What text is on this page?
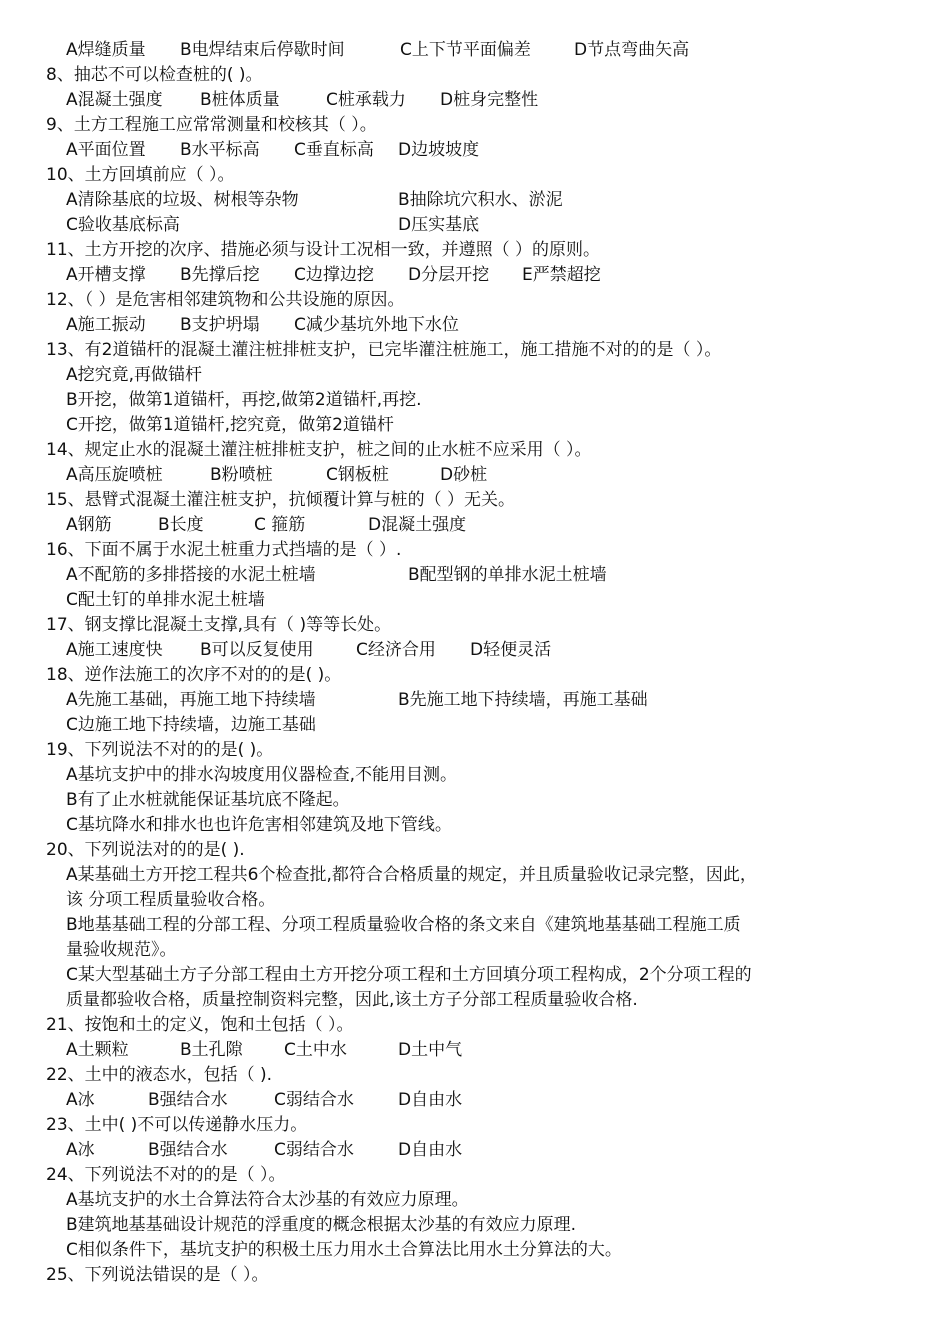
A焊缝质量 B电焊结束后停歇时间	C上下节平面偏差	D节点弯曲矢高
8、抽芯不可以检查桩的( )。
A混凝土强度 B桩体质量	C桩承载力 D桩身完整性
9、土方工程施工应常常测量和校核其（ ）。
A平面位置 B水平标高 C垂直标高 D边坡坡度
10、土方回填前应（ ）。
A清除基底的垃圾、树根等杂物	B抽除坑穴积水、淤泥
C验收基底标高	D压实基底
11、土方开挖的次序、措施必须与设计工况相一致，并遵照（ ）的原则。
A开槽支撑 B先撑后挖 C边撑边挖 D分层开挖 E严禁超挖
12、（ ）是危害相邻建筑物和公共设施的原因。
A施工振动 B支护坍塌 C减少基坑外地下水位
13、有2道锚杆的混凝土灌注桩排桩支护，已完毕灌注桩施工，施工措施不对的的是（ ）。
A挖究竟,再做锚杆
B开挖，做第1道锚杆，再挖,做第2道锚杆,再挖.
C开挖，做第1道锚杆,挖究竟，做第2道锚杆
14、规定止水的混凝土灌注桩排桩支护，桩之间的止水桩不应采用（ ）。
A高压旋喷桩	B粉喷桩	C钢板桩	D砂桩
15、悬臂式混凝土灌注桩支护，抗倾覆计算与桩的（ ）无关。
A钢筋	B长度	C 箍筋	D混凝土强度
16、下面不属于水泥土桩重力式挡墙的是（ ）.
A不配筋的多排搭接的水泥土桩墙	B配型钢的单排水泥土桩墙
C配土钉的单排水泥土桩墙
17、钢支撑比混凝土支撑,具有（ )等等长处。
A施工速度快 B可以反复使用 C经济合用 D轻便灵活
18、逆作法施工的次序不对的的是( )。
A先施工基础，再施工地下持续墙	B先施工地下持续墙，再施工基础
C边施工地下持续墙，边施工基础
19、下列说法不对的的是( )。
A基坑支护中的排水沟坡度用仪器检查,不能用目测。
B有了止水桩就能保证基坑底不隆起。
C基坑降水和排水也也许危害相邻建筑及地下管线。
20、下列说法对的的是( ).
A某基础土方开挖工程共6个检查批,都符合合格质量的规定，并且质量验收记录完整，因此，
该 分项工程质量验收合格。
B地基基础工程的分部工程、分项工程质量验收合格的条文来自《建筑地基基础工程施工质
量验收规范》。
C某大型基础土方子分部工程由土方开挖分项工程和土方回填分项工程构成，2个分项工程的
质量都验收合格，质量控制资料完整，因此,该土方子分部工程质量验收合格.
21、按饱和土的定义，饱和土包括（ ）。
A土颗粒	B土孔隙 C土中水	D土中气
22、土中的液态水，包括（ ).
A冰	B强结合水	C弱结合水	D自由水
23、土中( )不可以传递静水压力。
A冰	B强结合水	C弱结合水	D自由水
24、下列说法不对的的是（ ）。
A基坑支护的水土合算法符合太沙基的有效应力原理。
B建筑地基基础设计规范的浮重度的概念根据太沙基的有效应力原理.
C相似条件下，基坑支护的积极土压力用水土合算法比用水土分算法的大。
25、下列说法错误的是（ ）。
